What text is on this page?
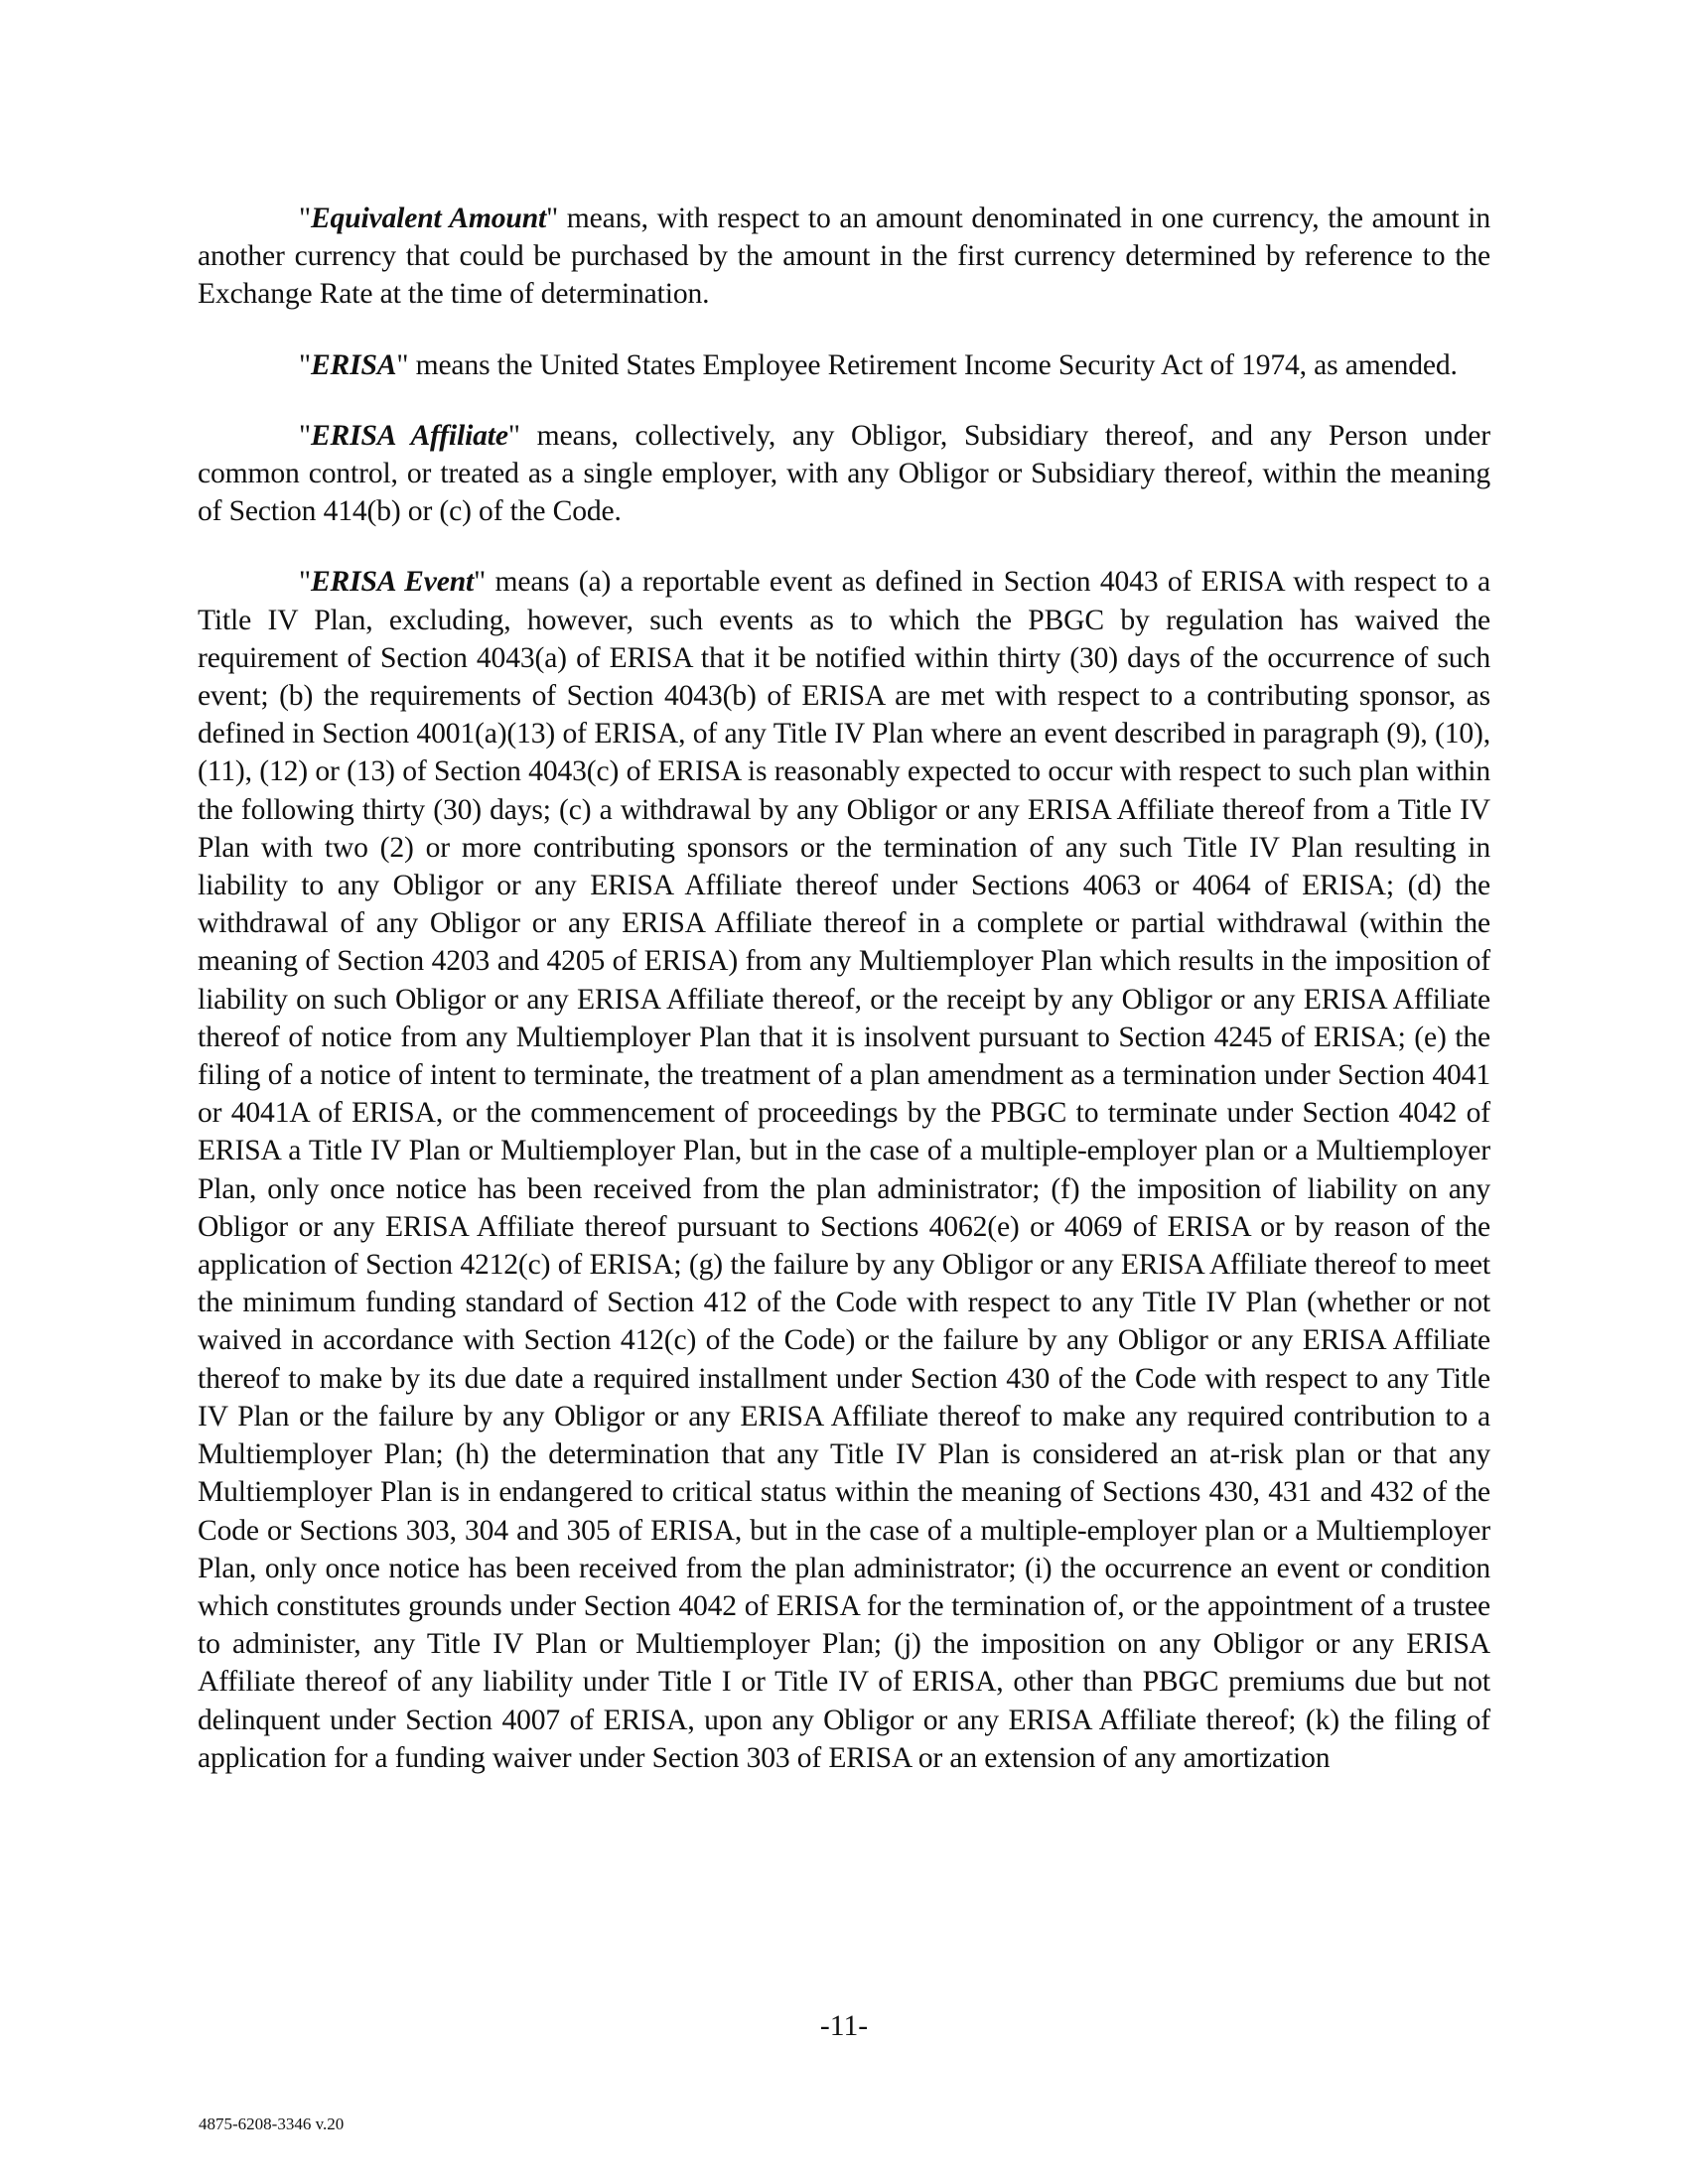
"Equivalent Amount" means, with respect to an amount denominated in one currency, the amount in another currency that could be purchased by the amount in the first currency determined by reference to the Exchange Rate at the time of determination.

"ERISA" means the United States Employee Retirement Income Security Act of 1974, as amended.

"ERISA Affiliate" means, collectively, any Obligor, Subsidiary thereof, and any Person under common control, or treated as a single employer, with any Obligor or Subsidiary thereof, within the meaning of Section 414(b) or (c) of the Code.

"ERISA Event" means (a) a reportable event as defined in Section 4043 of ERISA with respect to a Title IV Plan, excluding, however, such events as to which the PBGC by regulation has waived the requirement of Section 4043(a) of ERISA that it be notified within thirty (30) days of the occurrence of such event; (b) the requirements of Section 4043(b) of ERISA are met with respect to a contributing sponsor, as defined in Section 4001(a)(13) of ERISA, of any Title IV Plan where an event described in paragraph (9), (10), (11), (12) or (13) of Section 4043(c) of ERISA is reasonably expected to occur with respect to such plan within the following thirty (30) days; (c) a withdrawal by any Obligor or any ERISA Affiliate thereof from a Title IV Plan with two (2) or more contributing sponsors or the termination of any such Title IV Plan resulting in liability to any Obligor or any ERISA Affiliate thereof under Sections 4063 or 4064 of ERISA; (d) the withdrawal of any Obligor or any ERISA Affiliate thereof in a complete or partial withdrawal (within the meaning of Section 4203 and 4205 of ERISA) from any Multiemployer Plan which results in the imposition of liability on such Obligor or any ERISA Affiliate thereof, or the receipt by any Obligor or any ERISA Affiliate thereof of notice from any Multiemployer Plan that it is insolvent pursuant to Section 4245 of ERISA; (e) the filing of a notice of intent to terminate, the treatment of a plan amendment as a termination under Section 4041 or 4041A of ERISA, or the commencement of proceedings by the PBGC to terminate under Section 4042 of ERISA a Title IV Plan or Multiemployer Plan, but in the case of a multiple-employer plan or a Multiemployer Plan, only once notice has been received from the plan administrator; (f) the imposition of liability on any Obligor or any ERISA Affiliate thereof pursuant to Sections 4062(e) or 4069 of ERISA or by reason of the application of Section 4212(c) of ERISA; (g) the failure by any Obligor or any ERISA Affiliate thereof to meet the minimum funding standard of Section 412 of the Code with respect to any Title IV Plan (whether or not waived in accordance with Section 412(c) of the Code) or the failure by any Obligor or any ERISA Affiliate thereof to make by its due date a required installment under Section 430 of the Code with respect to any Title IV Plan or the failure by any Obligor or any ERISA Affiliate thereof to make any required contribution to a Multiemployer Plan; (h) the determination that any Title IV Plan is considered an at-risk plan or that any Multiemployer Plan is in endangered to critical status within the meaning of Sections 430, 431 and 432 of the Code or Sections 303, 304 and 305 of ERISA, but in the case of a multiple-employer plan or a Multiemployer Plan, only once notice has been received from the plan administrator; (i) the occurrence an event or condition which constitutes grounds under Section 4042 of ERISA for the termination of, or the appointment of a trustee to administer, any Title IV Plan or Multiemployer Plan; (j) the imposition on any Obligor or any ERISA Affiliate thereof of any liability under Title I or Title IV of ERISA, other than PBGC premiums due but not delinquent under Section 4007 of ERISA, upon any Obligor or any ERISA Affiliate thereof; (k) the filing of application for a funding waiver under Section 303 of ERISA or an extension of any amortization

-11-
4875-6208-3346 v.20
